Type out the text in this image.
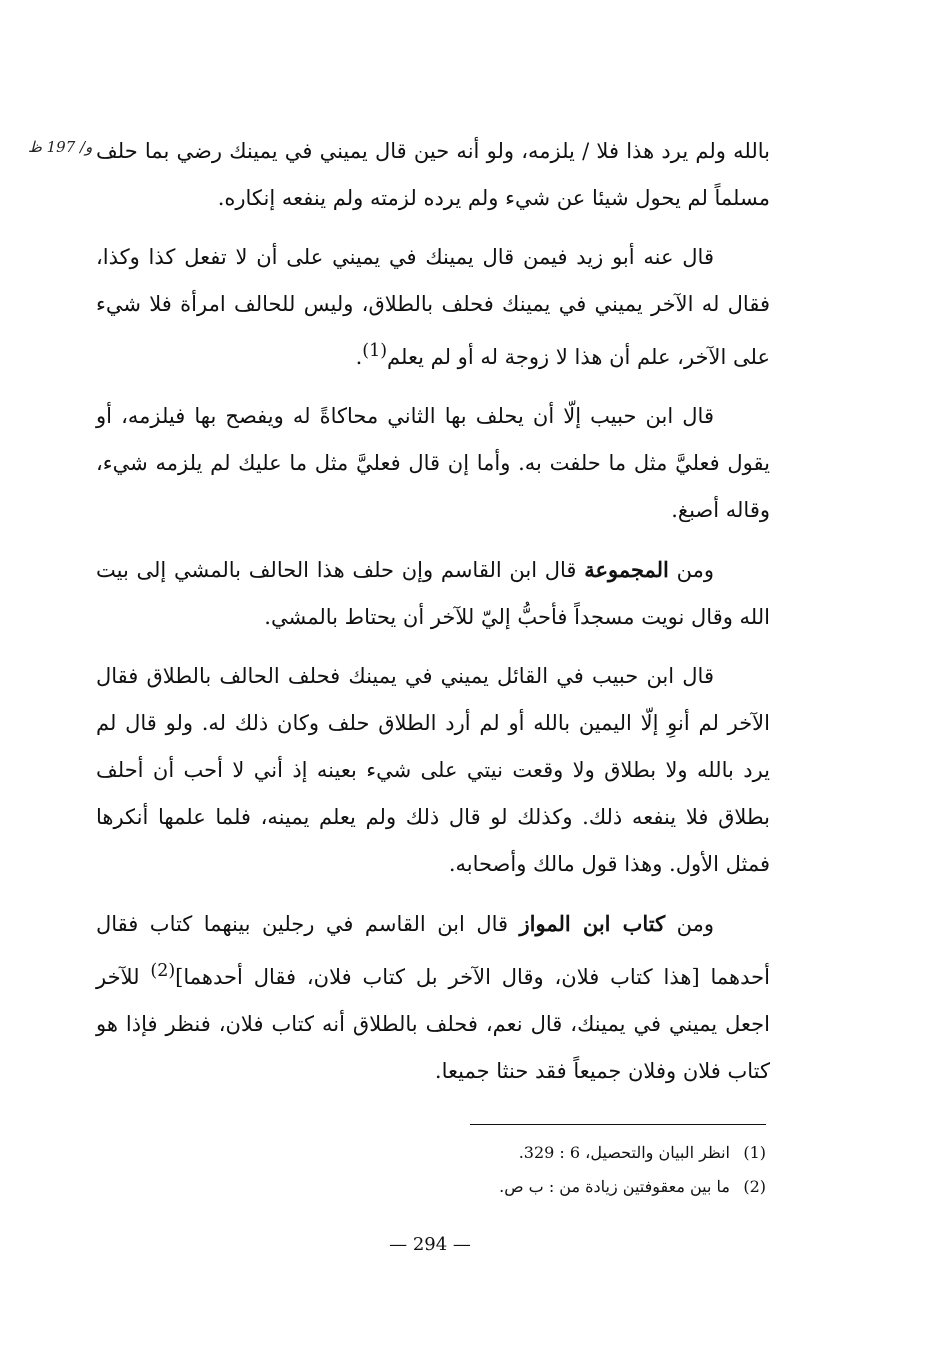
و/ 197 ظ بالله ولم يرد هذا فلا / يلزمه، ولو أنه حين قال يميني في يمينك رضي بما حلف مسلماً لم يحول شيئا عن شيء ولم يرده لزمته ولم ينفعه إنكاره.

قال عنه أبو زيد فيمن قال يمينك في يميني على أن لا تفعل كذا وكذا، فقال له الآخر يميني في يمينك فحلف بالطلاق، وليس للحالف امرأة فلا شيء على الآخر، علم أن هذا لا زوجة له أو لم يعلم$^{(1)}$.

قال ابن حبيب إلّا أن يحلف بها الثاني محاكاةً له ويفصح بها فيلزمه، أو يقول فعليَّ مثل ما حلفت به. وأما إن قال فعليَّ مثل ما عليك لم يلزمه شيء، وقاله أصبغ.

ومن المجموعة قال ابن القاسم وإن حلف هذا الحالف بالمشي إلى بيت الله وقال نويت مسجداً فأحبُّ إليّ للآخر أن يحتاط بالمشي.

قال ابن حبيب في القائل يميني في يمينك فحلف الحالف بالطلاق فقال الآخر لم أنوِ إلّا اليمين بالله أو لم أرد الطلاق حلف وكان ذلك له. ولو قال لم يرد بالله ولا بطلاق ولا وقعت نيتي على شيء بعينه إذ أني لا أحب أن أحلف بطلاق فلا ينفعه ذلك. وكذلك لو قال ذلك ولم يعلم يمينه، فلما علمها أنكرها فمثل الأول. وهذا قول مالك وأصحابه.

ومن كتاب ابن المواز قال ابن القاسم في رجلين بينهما كتاب فقال أحدهما [هذا كتاب فلان، وقال الآخر بل كتاب فلان، فقال أحدهما]$^{(2)}$ للآخر اجعل يميني في يمينك، قال نعم، فحلف بالطلاق أنه كتاب فلان، فنظر فإذا هو كتاب فلان وفلان جميعاً فقد حنثا جميعا.

(1)
انظر البيان والتحصيل، 6 : 329.
(2)
ما بين معقوفتين زيادة من : ب ص.
— 294 —
